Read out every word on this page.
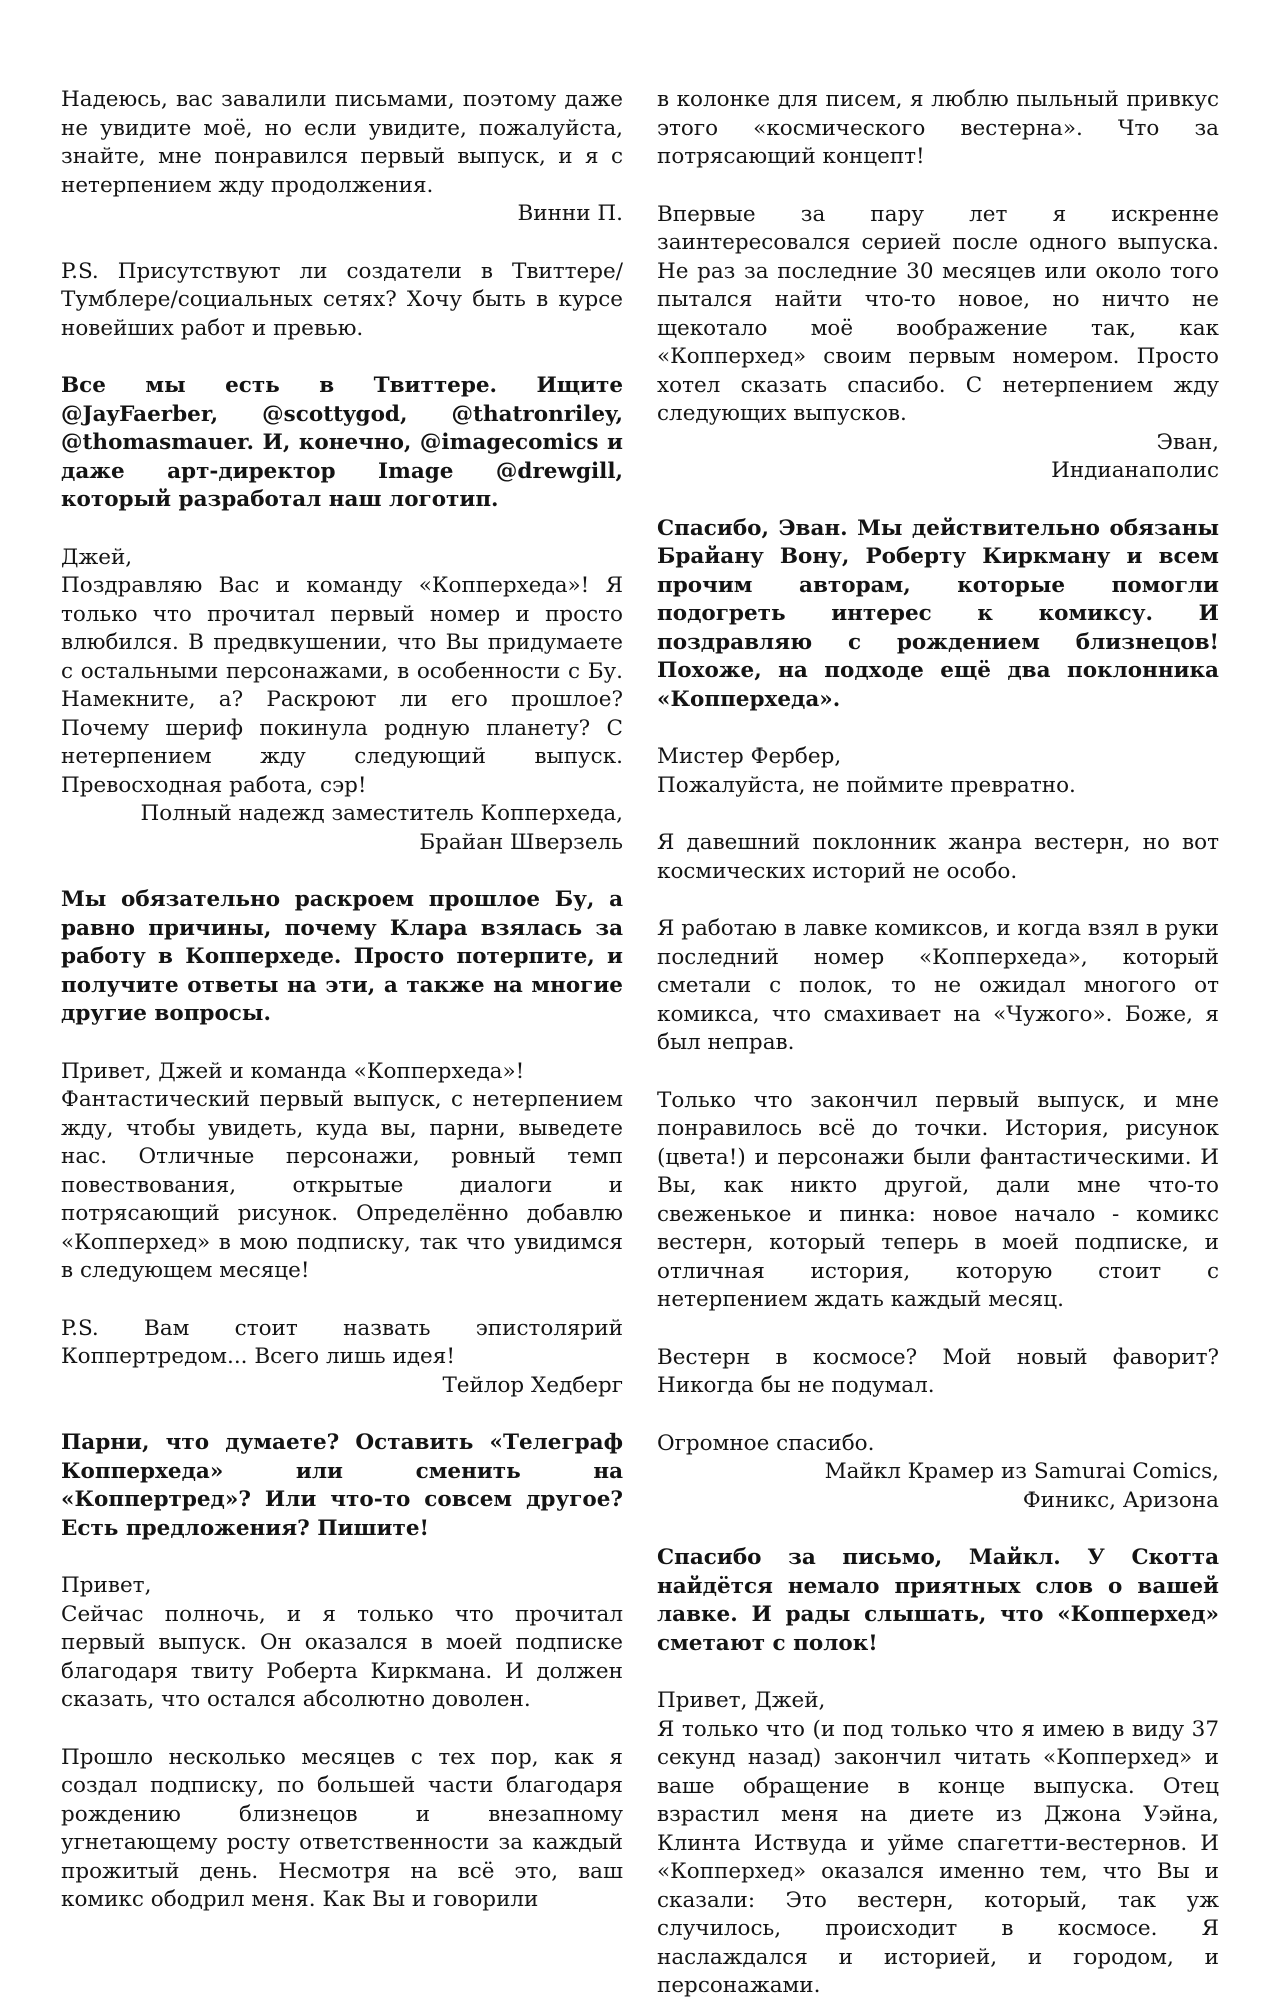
Надеюсь, вас завалили письмами, поэтому даже не увидите моё, но если увидите, пожалуйста, знайте, мне понравился первый выпуск, и я с нетерпением жду продолжения.

Винни П.

P.S. Присутствуют ли создатели в Твиттере/ Тумблере/социальных сетях? Хочу быть в курсе новейших работ и превью.

Все мы есть в Твиттере. Ищите @JayFaerber, @scottygod, @thatronriley, @thomasmauer. И, конечно, @imagecomics и даже арт-директор Image @drewgill, который разработал наш логотип.

Джей,

Поздравляю Вас и команду «Копперхеда»! Я только что прочитал первый номер и просто влюбился. В предвкушении, что Вы придумаете с остальными персонажами, в особенности с Бу. Намекните, а? Раскроют ли его прошлое? Почему шериф покинула родную планету? С нетерпением жду следующий выпуск. Превосходная работа, сэр!

Полный надежд заместитель Копперхеда,

Брайан Шверзель

Мы обязательно раскроем прошлое Бу, а равно причины, почему Клара взялась за работу в Копперхеде. Просто потерпите, и получите ответы на эти, а также на многие другие вопросы.

Привет, Джей и команда «Копперхеда»!

Фантастический первый выпуск, с нетерпением жду, чтобы увидеть, куда вы, парни, выведете нас. Отличные персонажи, ровный темп повествования, открытые диалоги и потрясающий рисунок. Определённо добавлю «Копперхед» в мою подписку, так что увидимся в следующем месяце!

P.S. Вам стоит назвать эпистолярий Коппертредом... Всего лишь идея!

Тейлор Хедберг

Парни, что думаете? Оставить «Телеграф Копперхеда» или сменить на «Коппертред»? Или что-то совсем другое? Есть предложения? Пишите!

Привет,

Сейчас полночь, и я только что прочитал первый выпуск. Он оказался в моей подписке благодаря твиту Роберта Киркмана. И должен сказать, что остался абсолютно доволен.

Прошло несколько месяцев с тех пор, как я создал подписку, по большей части благодаря рождению близнецов и внезапному угнетающему росту ответственности за каждый прожитый день. Несмотря на всё это, ваш комикс ободрил меня. Как Вы и говорили

в колонке для писем, я люблю пыльный привкус этого «космического вестерна». Что за потрясающий концепт!

Впервые за пару лет я искренне заинтересовался серией после одного выпуска. Не раз за последние 30 месяцев или около того пытался найти что-то новое, но ничто не щекотало моё воображение так, как «Копперхед» своим первым номером. Просто хотел сказать спасибо. С нетерпением жду следующих выпусков.

Эван,

Индианаполис

Спасибо, Эван. Мы действительно обязаны Брайану Вону, Роберту Киркману и всем прочим авторам, которые помогли подогреть интерес к комиксу. И поздравляю с рождением близнецов! Похоже, на подходе ещё два поклонника «Копперхеда».

Мистер Фербер,

Пожалуйста, не поймите превратно.

Я давешний поклонник жанра вестерн, но вот космических историй не особо.

Я работаю в лавке комиксов, и когда взял в руки последний номер «Копперхеда», который сметали с полок, то не ожидал многого от комикса, что смахивает на «Чужого». Боже, я был неправ.

Только что закончил первый выпуск, и мне понравилось всё до точки. История, рисунок (цвета!) и персонажи были фантастическими. И Вы, как никто другой, дали мне что-то свеженькое и пинка: новое начало - комикс вестерн, который теперь в моей подписке, и отличная история, которую стоит с нетерпением ждать каждый месяц.

Вестерн в космосе? Мой новый фаворит? Никогда бы не подумал.

Огромное спасибо.

Майкл Крамер из Samurai Comics,

Финикс, Аризона

Спасибо за письмо, Майкл. У Скотта найдётся немало приятных слов о вашей лавке. И рады слышать, что «Копперхед» сметают с полок!

Привет, Джей,

Я только что (и под только что я имею в виду 37 секунд назад) закончил читать «Копперхед» и ваше обращение в конце выпуска. Отец взрастил меня на диете из Джона Уэйна, Клинта Иствуда и уйме спагетти-вестернов. И «Копперхед» оказался именно тем, что Вы и сказали: Это вестерн, который, так уж случилось, происходит в космосе. Я наслаждался и историей, и городом, и персонажами.
